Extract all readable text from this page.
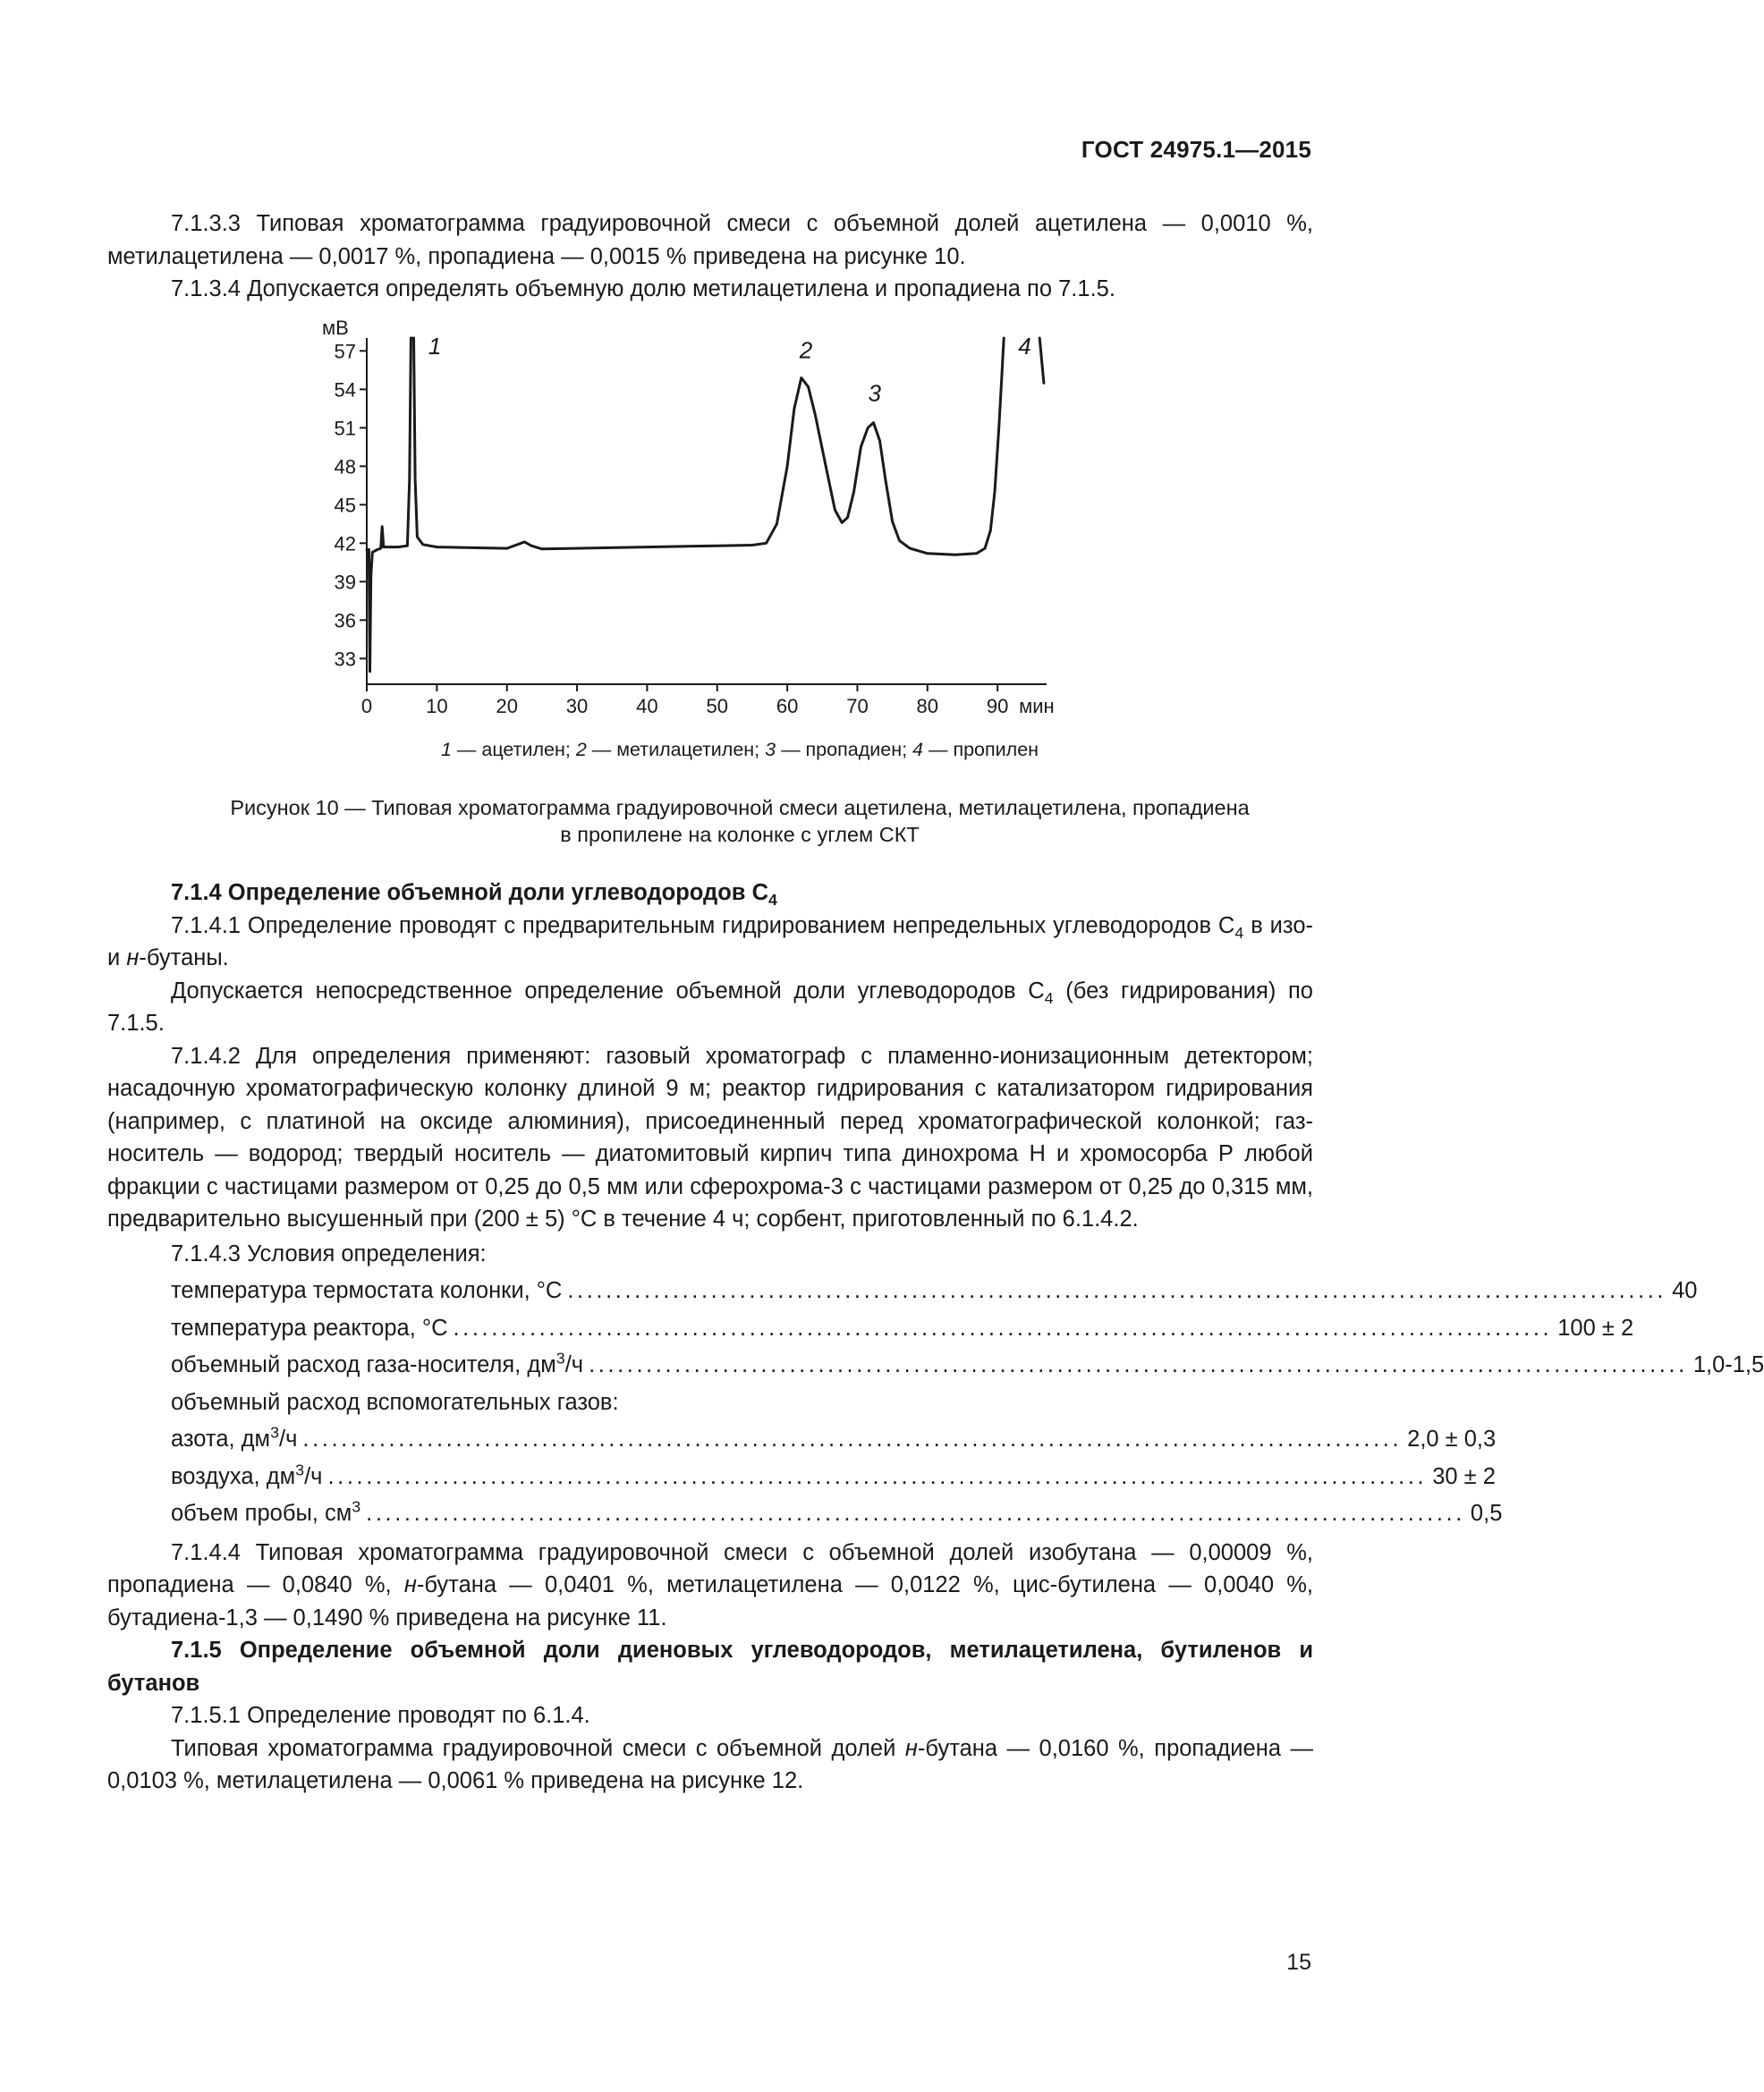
ГОСТ 24975.1—2015

7.1.3.3 Типовая хроматограмма градуировочной смеси с объемной долей ацетилена — 0,0010 %, метилацетилена — 0,0017 %, пропадиена — 0,0015 % приведена на рисунке 10.

7.1.3.4 Допускается определять объемную долю метилацетилена и пропадиена по 7.1.5.

33
36
39
42
45
48
51
54
57
мВ
0	10 20 30 40 50 60 70 80 90 мин
1	2
3
4
1 — ацетилен; 2 — метилацетилен; 3 — пропадиен; 4 — пропилен
Рисунок 10 — Типовая хроматограмма градуировочной смеси ацетилена, метилацетилена, пропадиена
в пропилене на колонке с углем СКТ

7.1.4 Определение объемной доли углеводородов $С_4$

7.1.4.1 Определение проводят с предварительным гидрированием непредельных углеводородов $С_4$ в изо- и н-бутаны.

Допускается непосредственное определение объемной доли углеводородов $С_4$ (без гидрирования) по 7.1.5.

7.1.4.2 Для определения применяют: газовый хроматограф с пламенно-ионизационным детектором; насадочную хроматографическую колонку длиной 9 м; реактор гидрирования с катализатором гидрирования (например, с платиной на оксиде алюминия), присоединенный перед хроматографической колонкой; газ-носитель — водород; твердый носитель — диатомитовый кирпич типа динохрома Н и хромосорба Р любой фракции с частицами размером от 0,25 до 0,5 мм или сферохрома-3 с частицами размером от 0,25 до 0,315 мм, предварительно высушенный при (200 ± 5) °С в течение 4 ч; сорбент, приготовленный по 6.1.4.2.

7.1.4.3 Условия определения:
температура термостата колонки, °С ................................................................................................................... 40
температура реактора, °С ................................................................................................................... 100 ± 2
объемный расход газа-носителя, $дм^3/ч$ ................................................................................................................... 1,0-1,5
объемный расход вспомогательных газов:
азота, $дм^3/ч$ ................................................................................................................... 2,0 ± 0,3
воздуха, $дм^3/ч$ ................................................................................................................... 30 ± 2
объем пробы, $см^3$ ................................................................................................................... 0,5

7.1.4.4 Типовая хроматограмма градуировочной смеси с объемной долей изобутана — 0,00009 %, пропадиена — 0,0840 %, н-бутана — 0,0401 %, метилацетилена — 0,0122 %, цис-бутилена — 0,0040 %, бутадиена-1,3 — 0,1490 % приведена на рисунке 11.

7.1.5 Определение объемной доли диеновых углеводородов, метилацетилена, бутиленов и бутанов

7.1.5.1 Определение проводят по 6.1.4.

Типовая хроматограмма градуировочной смеси с объемной долей н-бутана — 0,0160 %, пропадиена — 0,0103 %, метилацетилена — 0,0061 % приведена на рисунке 12.

15
